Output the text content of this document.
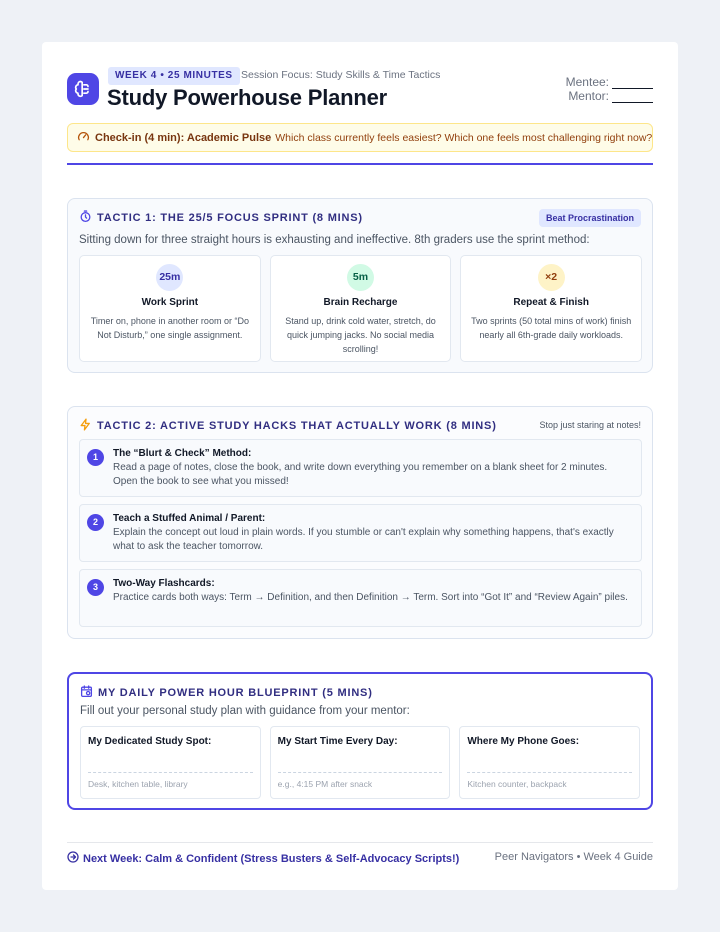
WEEK 4 • 25 MINUTES Session Focus: Study Skills & Time Tactics
Study Powerhouse Planner
Mentee:
Mentor:
Check-in (4 min): Academic Pulse Which class currently feels easiest? Which one feels most challenging right now?
TACTIC 1: THE 25/5 FOCUS SPRINT (8 MINS)	Beat Procrastination
Sitting down for three straight hours is exhausting and ineffective. 8th graders use the sprint method:
25m
Work Sprint

Timer on, phone in another room or “Do Not Disturb,” one single assignment.

5m
Brain Recharge

Stand up, drink cold water, stretch, do quick jumping jacks. No social media scrolling!

×2
Repeat & Finish

Two sprints (50 total mins of work) finish nearly all 6th-grade daily workloads.

TACTIC 2: ACTIVE STUDY HACKS THAT ACTUALLY WORK (8 MINS)	Stop just staring at notes!
1	The “Blurt & Check” Method:

Read a page of notes, close the book, and write down everything you remember on a blank sheet for 2 minutes. Open the book to see what you missed!

2	Teach a Stuffed Animal / Parent:

Explain the concept out loud in plain words. If you stumble or can't explain why something happens, that's exactly what to ask the teacher tomorrow.

3	Two-Way Flashcards:

Practice cards both ways: Term → Definition, and then Definition → Term. Sort into “Got It” and “Review Again” piles.

MY DAILY POWER HOUR BLUEPRINT (5 MINS)
Fill out your personal study plan with guidance from your mentor:
My Dedicated Study Spot:
Desk, kitchen table, library
My Start Time Every Day:
e.g., 4:15 PM after snack
Where My Phone Goes:
Kitchen counter, backpack
Next Week: Calm & Confident (Stress Busters & Self-Advocacy Scripts!)	Peer Navigators • Week 4 Guide
